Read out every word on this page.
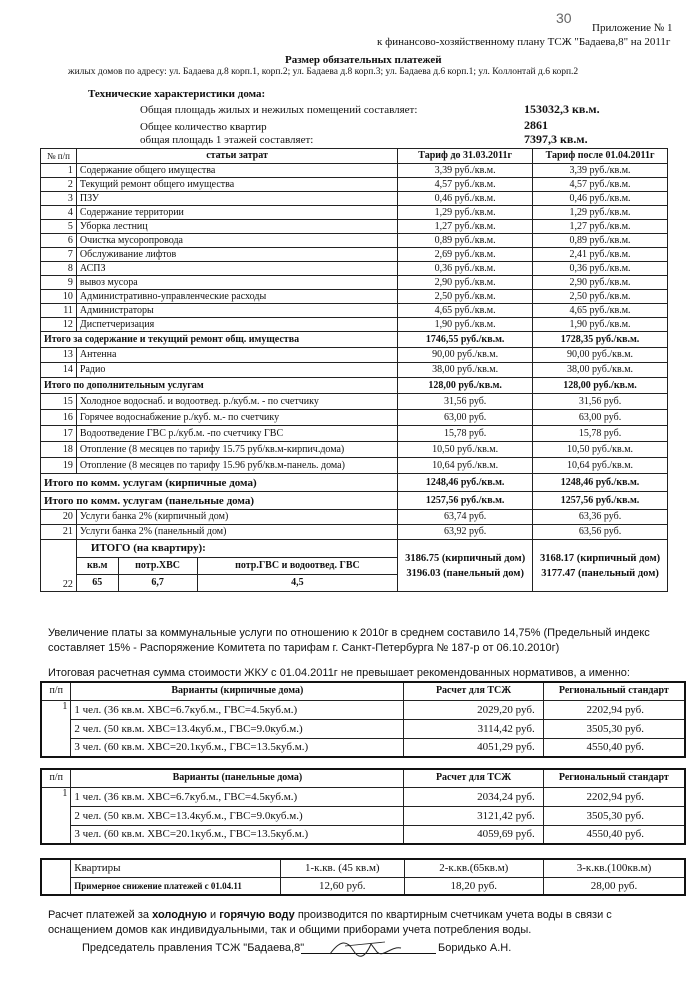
30
Приложение № 1
к финансово-хозяйственному плану ТСЖ "Бадаева,8" на 2011г
Размер обязательных платежей
жилых домов по адресу: ул. Бадаева д.8 корп.1, корп.2; ул. Бадаева д.8 корп.3; ул. Бадаева д.6 корп.1; ул. Коллонтай д.6 корп.2
Технические характеристики дома:
Общая площадь жилых и нежилых помещений составляет:	153032,3 кв.м.
Общее количество квартир	2861
общая площадь 1 этажей составляет:	7397,3 кв.м.
№ п/п	статьи затрат	Тариф до 31.03.2011г	Тариф после 01.04.2011г
1	Содержание общего имущества	3,39 руб./кв.м.	3,39 руб./кв.м.
2	Текущий ремонт общего имущества	4,57 руб./кв.м.	4,57 руб./кв.м.
3	ПЗУ	0,46 руб./кв.м.	0,46 руб./кв.м.
4	Содержание территории	1,29 руб./кв.м.	1,29 руб./кв.м.
5	Уборка лестниц	1,27 руб./кв.м.	1,27 руб./кв.м.
6	Очистка мусоропровода	0,89 руб./кв.м.	0,89 руб./кв.м.
7	Обслуживание лифтов	2,69 руб./кв.м.	2,41 руб./кв.м.
8	АСПЗ	0,36 руб./кв.м.	0,36 руб./кв.м.
9	вывоз мусора	2,90 руб./кв.м.	2,90 руб./кв.м.
10	Административно-управленческие расходы	2,50 руб./кв.м.	2,50 руб./кв.м.
11	Администраторы	4,65 руб./кв.м.	4,65 руб./кв.м.
12	Диспетчеризация	1,90 руб./кв.м.	1,90 руб./кв.м.
Итого за содержание и текущий ремонт общ. имущества	1746,55 руб./кв.м.	1728,35 руб./кв.м.
13	Антенна	90,00 руб./кв.м.	90,00 руб./кв.м.
14	Радио	38,00 руб./кв.м.	38,00 руб./кв.м.
Итого по дополнительным услугам	128,00 руб./кв.м.	128,00 руб./кв.м.
15	Холодное водоснаб. и водоотвед. р./куб.м. - по счетчику	31,56 руб.	31,56 руб.
16	Горячее водоснабжение р./куб. м.- по счетчику	63,00 руб.	63,00 руб.
17	Водоотведение ГВС р./куб.м. -по счетчику ГВС	15,78 руб.	15,78 руб.
18	Отопление (8 месяцев по тарифу 15.75 руб/кв.м-кирпич.дома)	10,50 руб./кв.м.	10,50 руб./кв.м.
19	Отопление (8 месяцев по тарифу 15.96 руб/кв.м-панель. дома)	10,64 руб./кв.м.	10,64 руб./кв.м.
Итого по комм. услугам (кирпичные дома)	1248,46 руб./кв.м.	1248,46 руб./кв.м.
Итого по комм. услугам (панельные дома)	1257,56 руб./кв.м.	1257,56 руб./кв.м.
20	Услуги банка 2% (кирпичный дом)	63,74 руб.	63,36 руб.
21	Услуги банка 2% (панельный дом)	63,92 руб.	63,56 руб.
22	
ИТОГО (на квартиру):
кв.м	потр.ХВС	потр.ГВС и водоотвед. ГВС
65	6,7	4,5

3186.75 (кирпичный дом)
3196.03 (панельный дом)

3168.17 (кирпичный дом)
3177.47 (панельный дом)
Увеличение платы за коммунальные услуги по отношению к 2010г в среднем составило 14,75% (Предельный индекс составляет 15% - Распоряжение Комитета по тарифам г. Санкт-Петербурга № 187-р от 06.10.2010г)
Итоговая расчетная сумма стоимости ЖКУ с 01.04.2011г не превышает рекомендованных нормативов, а именно:
п/п	Варианты (кирпичные дома)	Расчет для ТСЖ	Региональный стандарт
1	1 чел. (36 кв.м. ХВС=6.7куб.м., ГВС=4.5куб.м.)	2029,20 руб.	2202,94 руб.
	2 чел. (50 кв.м. ХВС=13.4куб.м., ГВС=9.0куб.м.)	3114,42 руб.	3505,30 руб.
	3 чел. (60 кв.м. ХВС=20.1куб.м., ГВС=13.5куб.м.)	4051,29 руб.	4550,40 руб.
п/п	Варианты (панельные дома)	Расчет для ТСЖ	Региональный стандарт
1	1 чел. (36 кв.м. ХВС=6.7куб.м., ГВС=4.5куб.м.)	2034,24 руб.	2202,94 руб.
	2 чел. (50 кв.м. ХВС=13.4куб.м., ГВС=9.0куб.м.)	3121,42 руб.	3505,30 руб.
	3 чел. (60 кв.м. ХВС=20.1куб.м., ГВС=13.5куб.м.)	4059,69 руб.	4550,40 руб.
	Квартиры	1-к.кв. (45 кв.м)	2-к.кв.(65кв.м)	3-к.кв.(100кв.м)
	Примерное снижение платежей с 01.04.11	12,60 руб.	18,20 руб.	28,00 руб.
Расчет платежей за холодную и горячую воду производится по квартирным счетчикам учета воды в связи с оснащением домов как индивидуальными, так и общими приборами учета потребления воды.
Председатель правления ТСЖ "Бадаева,8"	Боридько А.Н.
